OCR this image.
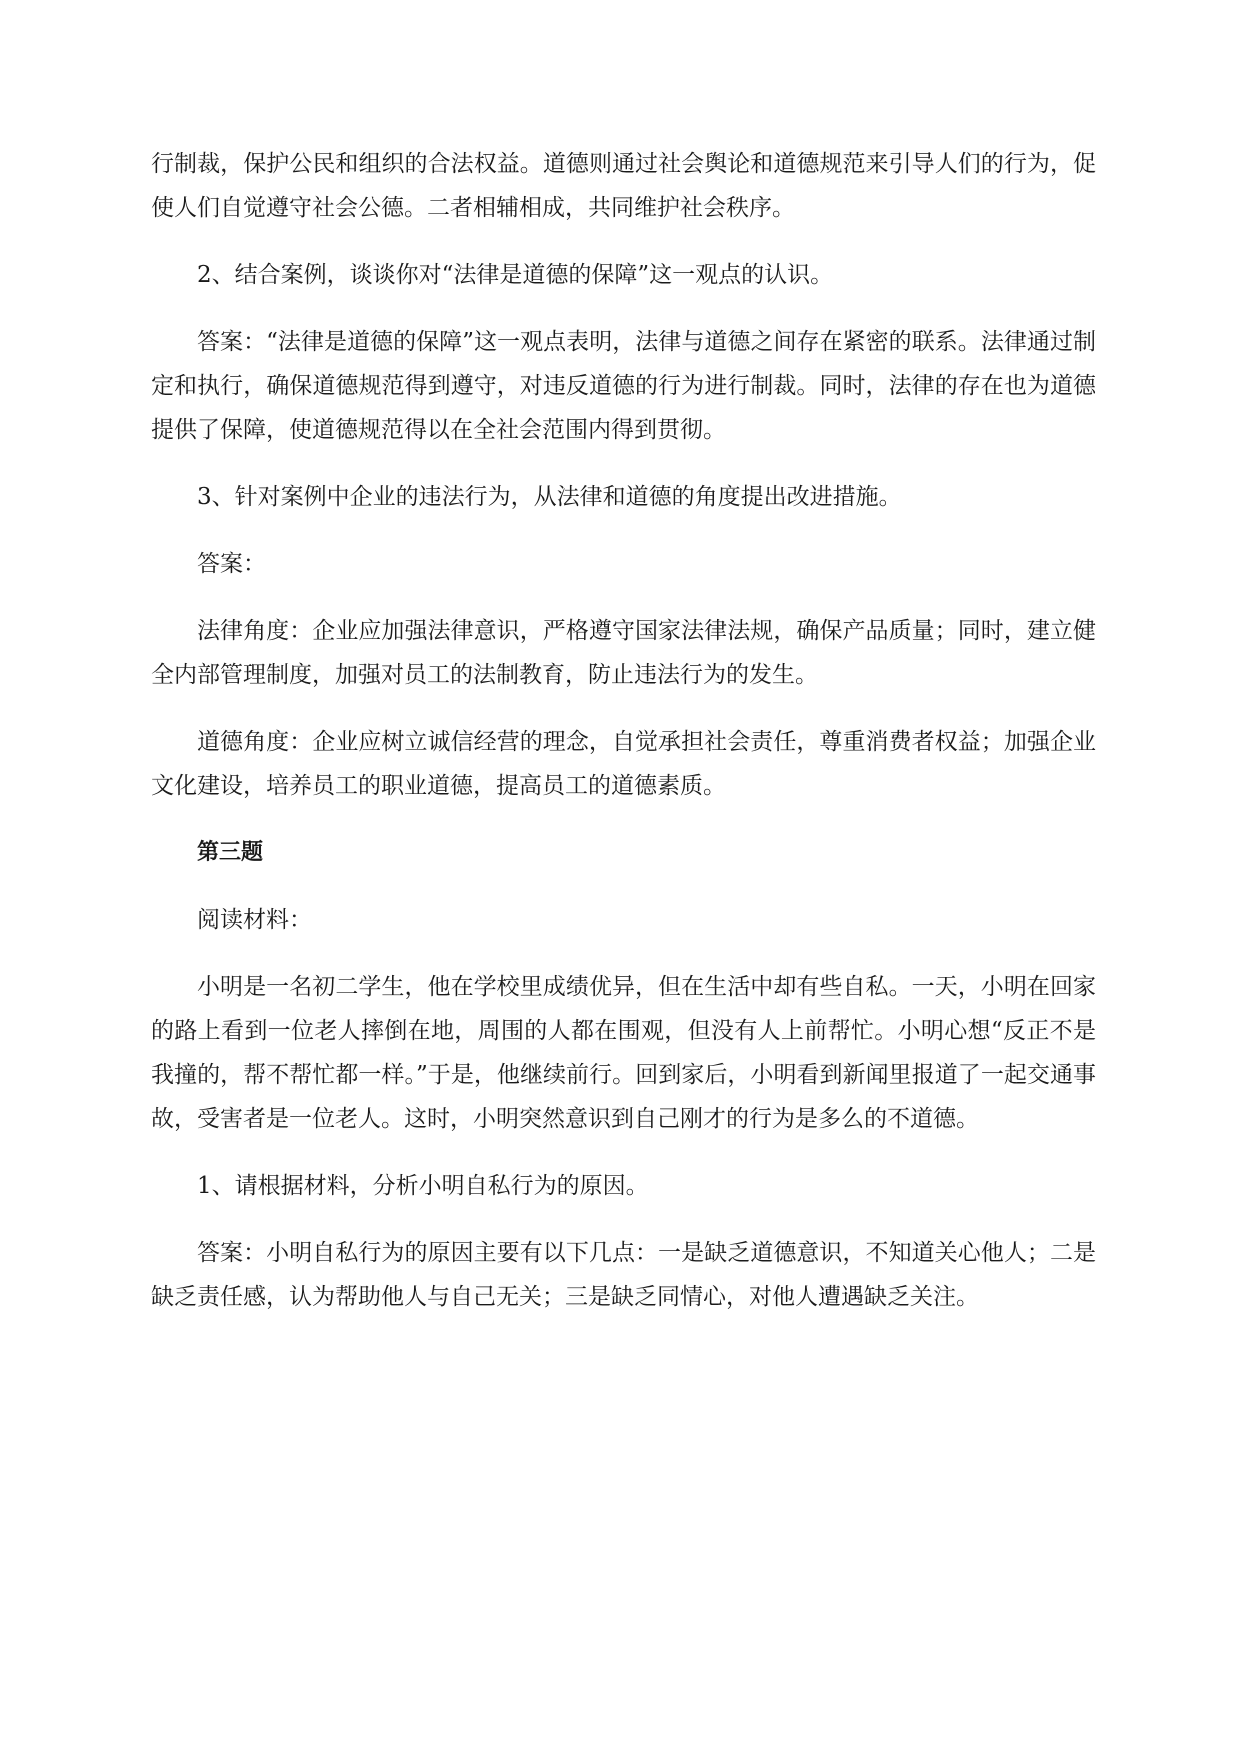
行制裁，保护公民和组织的合法权益。道德则通过社会舆论和道德规范来引导人们的行为，促使人们自觉遵守社会公德。二者相辅相成，共同维护社会秩序。

2、结合案例，谈谈你对“法律是道德的保障”这一观点的认识。

答案：“法律是道德的保障”这一观点表明，法律与道德之间存在紧密的联系。法律通过制定和执行，确保道德规范得到遵守，对违反道德的行为进行制裁。同时，法律的存在也为道德提供了保障，使道德规范得以在全社会范围内得到贯彻。

3、针对案例中企业的违法行为，从法律和道德的角度提出改进措施。

答案：

法律角度：企业应加强法律意识，严格遵守国家法律法规，确保产品质量；同时，建立健全内部管理制度，加强对员工的法制教育，防止违法行为的发生。

道德角度：企业应树立诚信经营的理念，自觉承担社会责任，尊重消费者权益；加强企业文化建设，培养员工的职业道德，提高员工的道德素质。

第三题

阅读材料：

小明是一名初二学生，他在学校里成绩优异，但在生活中却有些自私。一天，小明在回家的路上看到一位老人摔倒在地，周围的人都在围观，但没有人上前帮忙。小明心想“反正不是我撞的，帮不帮忙都一样。”于是，他继续前行。回到家后，小明看到新闻里报道了一起交通事故，受害者是一位老人。这时，小明突然意识到自己刚才的行为是多么的不道德。

1、请根据材料，分析小明自私行为的原因。

答案：小明自私行为的原因主要有以下几点：一是缺乏道德意识，不知道关心他人；二是缺乏责任感，认为帮助他人与自己无关；三是缺乏同情心，对他人遭遇缺乏关注。
